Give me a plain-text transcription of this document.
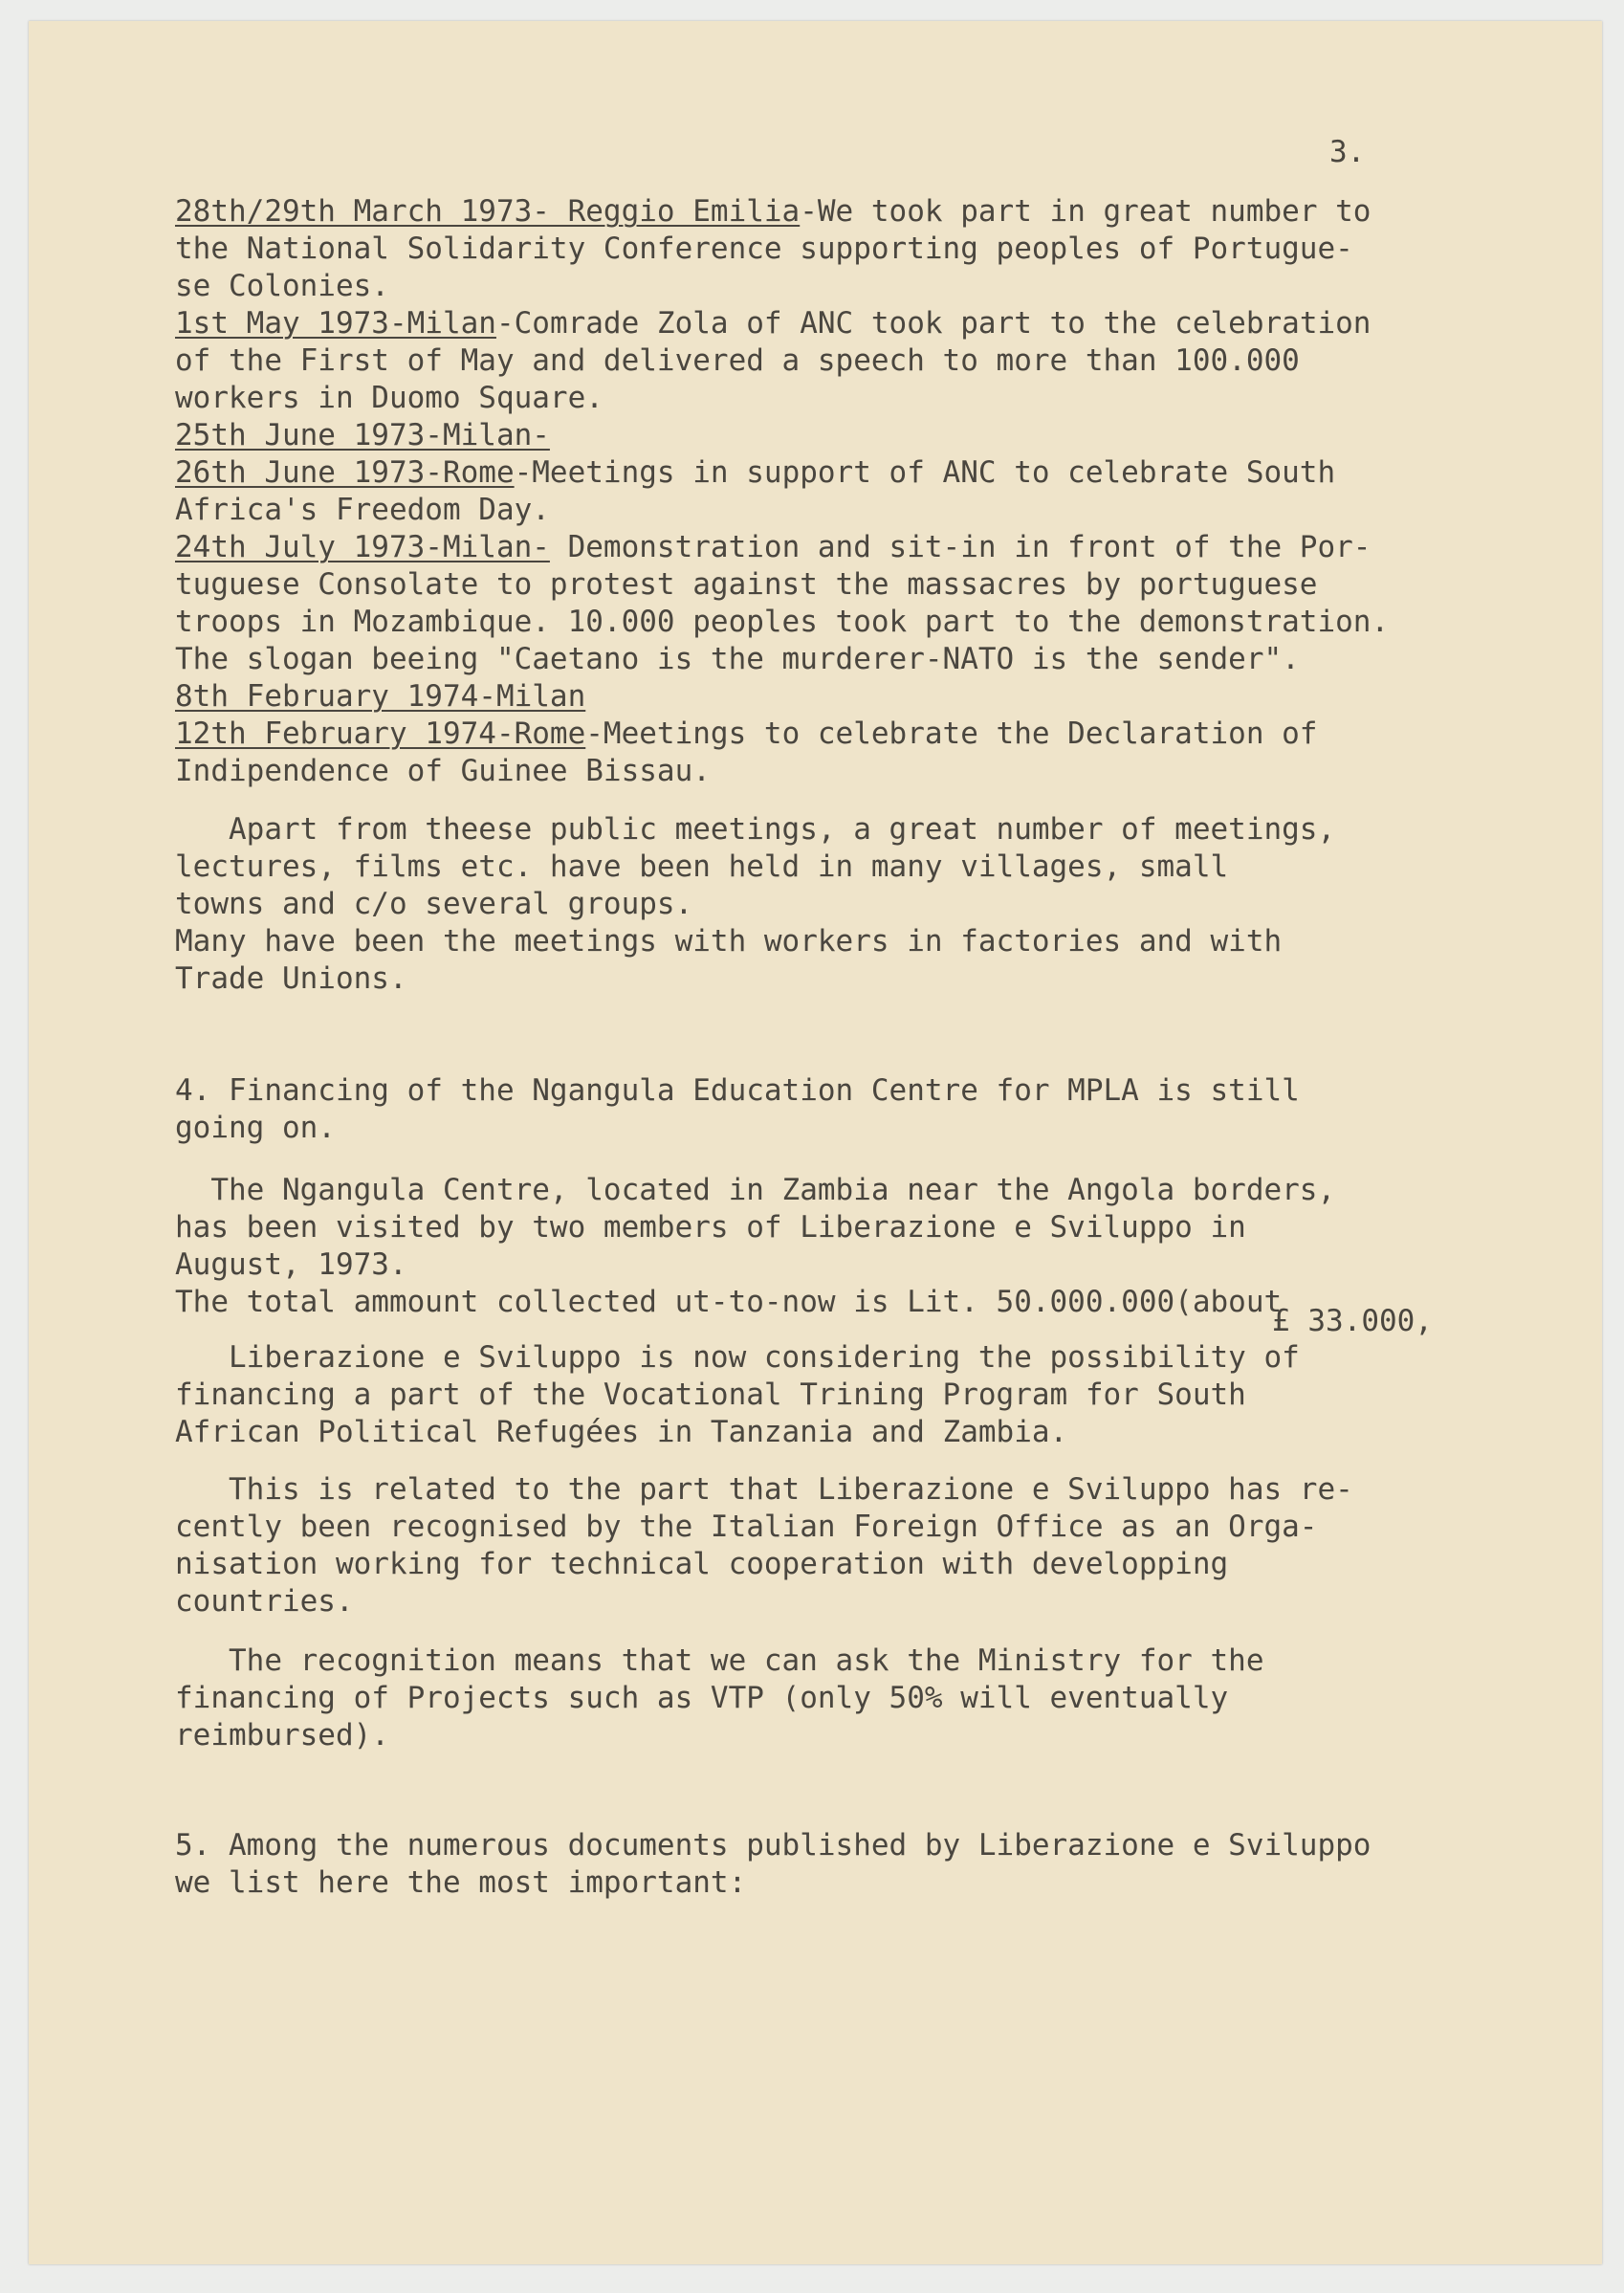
3.

28th/29th March 1973- Reggio Emilia-We took part in great number to

the National Solidarity Conference supporting peoples of Portugue-

se Colonies.

1st May 1973-Milan-Comrade Zola of ANC took part to the celebration

of the First of May and delivered a speech to more than 100.000

workers in Duomo Square.

25th June 1973-Milan-

26th June 1973-Rome-Meetings in support of ANC to celebrate South

Africa's Freedom Day.

24th July 1973-Milan- Demonstration and sit-in in front of the Por-

tuguese Consolate to protest against the massacres by portuguese

troops in Mozambique. 10.000 peoples took part to the demonstration.

The slogan beeing "Caetano is the murderer-NATO is the sender".

8th February 1974-Milan

12th February 1974-Rome-Meetings to celebrate the Declaration of

Indipendence of Guinee Bissau.

Apart from theese public meetings, a great number of meetings,

lectures, films etc. have been held in many villages, small

towns and c/o several groups.

Many have been the meetings with workers in factories and with

Trade Unions.

4. Financing of the Ngangula Education Centre for MPLA is still

going on.

The Ngangula Centre, located in Zambia near the Angola borders,

has been visited by two members of Liberazione e Sviluppo in

August, 1973.

The total ammount collected ut-to-now is Lit. 50.000.000(about

Liberazione e Sviluppo is now considering the possibility of

financing a part of the Vocational Trining Program for South

African Political Refugées in Tanzania and Zambia.

This is related to the part that Liberazione e Sviluppo has re-

cently been recognised by the Italian Foreign Office as an Orga-

nisation working for technical cooperation with developping

countries.

The recognition means that we can ask the Ministry for the

financing of Projects such as VTP (only 50% will eventually

reimbursed).

5. Among the numerous documents published by Liberazione e Sviluppo

we list here the most important:

£ 33.000,
